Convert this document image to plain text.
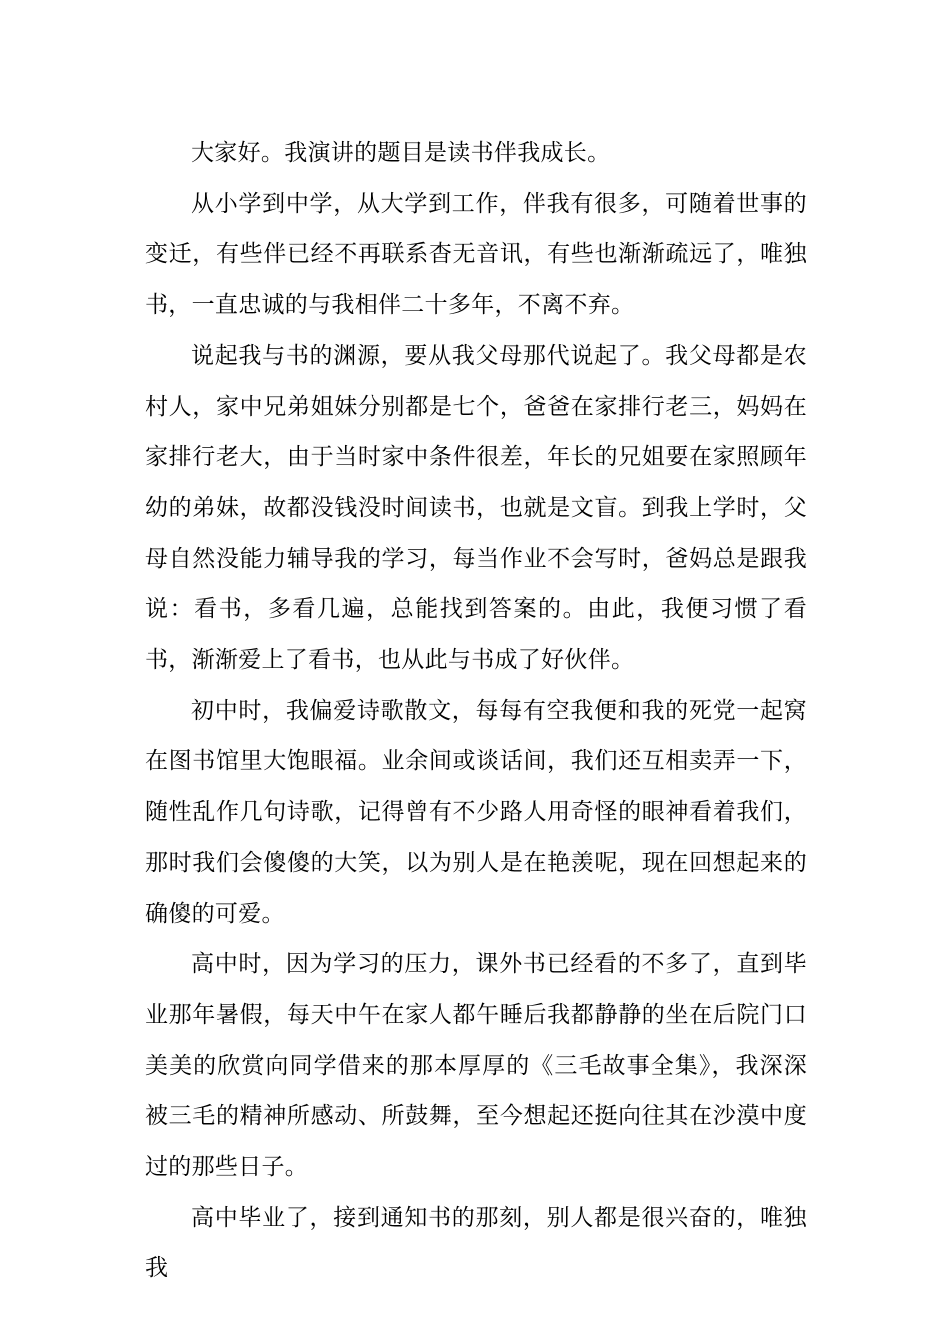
大家好。我演讲的题目是读书伴我成长。

从小学到中学，从大学到工作，伴我有很多，可随着世事的变迁，有些伴已经不再联系杳无音讯，有些也渐渐疏远了，唯独书，一直忠诚的与我相伴二十多年，不离不弃。

说起我与书的渊源，要从我父母那代说起了。我父母都是农村人，家中兄弟姐妹分别都是七个，爸爸在家排行老三，妈妈在家排行老大，由于当时家中条件很差，年长的兄姐要在家照顾年幼的弟妹，故都没钱没时间读书，也就是文盲。到我上学时，父母自然没能力辅导我的学习，每当作业不会写时，爸妈总是跟我说：看书，多看几遍，总能找到答案的。由此，我便习惯了看书，渐渐爱上了看书，也从此与书成了好伙伴。

初中时，我偏爱诗歌散文，每每有空我便和我的死党一起窝在图书馆里大饱眼福。业余间或谈话间，我们还互相卖弄一下，随性乱作几句诗歌，记得曾有不少路人用奇怪的眼神看着我们，那时我们会傻傻的大笑，以为别人是在艳羡呢，现在回想起来的确傻的可爱。

高中时，因为学习的压力，课外书已经看的不多了，直到毕业那年暑假，每天中午在家人都午睡后我都静静的坐在后院门口美美的欣赏向同学借来的那本厚厚的《三毛故事全集》，我深深被三毛的精神所感动、所鼓舞，至今想起还挺向往其在沙漠中度过的那些日子。

高中毕业了，接到通知书的那刻，别人都是很兴奋的，唯独我
